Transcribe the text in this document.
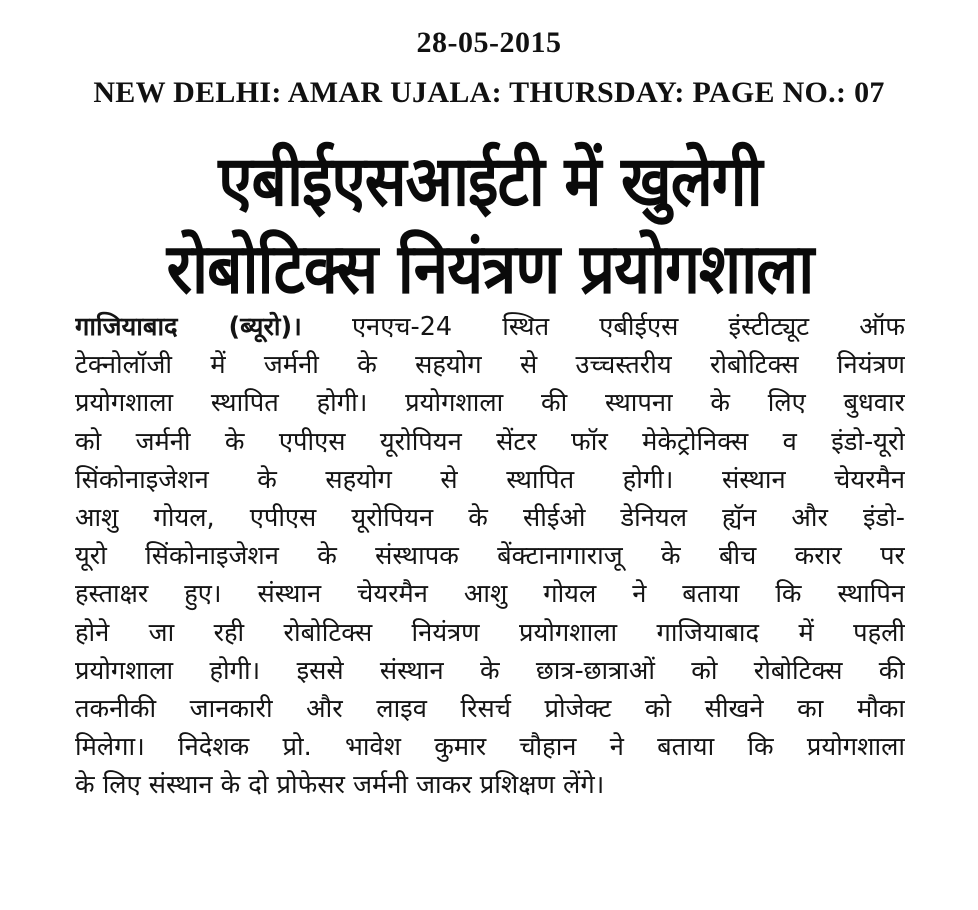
28-05-2015
NEW DELHI: AMAR UJALA: THURSDAY: PAGE NO.: 07
एबीईएसआईटी में खुलेगी
रोबोटिक्स नियंत्रण प्रयोगशाला
गाजियाबाद (ब्यूरो)। एनएच-24 स्थित एबीईएस इंस्टीट्यूट ऑफ
टेक्नोलॉजी में जर्मनी के सहयोग से उच्चस्तरीय रोबोटिक्स नियंत्रण
प्रयोगशाला स्थापित होगी। प्रयोगशाला की स्थापना के लिए बुधवार
को जर्मनी के एपीएस यूरोपियन सेंटर फॉर मेकेट्रोनिक्स व इंडो-यूरो
सिंकोनाइजेशन के सहयोग से स्थापित होगी। संस्थान चेयरमैन
आशु गोयल, एपीएस यूरोपियन के सीईओ डेनियल ह्यॅन और इंडो-
यूरो सिंकोनाइजेशन के संस्थापक बेंक्टानागाराजू के बीच करार पर
हस्ताक्षर हुए। संस्थान चेयरमैन आशु गोयल ने बताया कि स्थापिन
होने जा रही रोबोटिक्स नियंत्रण प्रयोगशाला गाजियाबाद में पहली
प्रयोगशाला होगी। इससे संस्थान के छात्र-छात्राओं को रोबोटिक्स की
तकनीकी जानकारी और लाइव रिसर्च प्रोजेक्ट को सीखने का मौका
मिलेगा। निदेशक प्रो. भावेश कुमार चौहान ने बताया कि प्रयोगशाला
के लिए संस्थान के दो प्रोफेसर जर्मनी जाकर प्रशिक्षण लेंगे।
